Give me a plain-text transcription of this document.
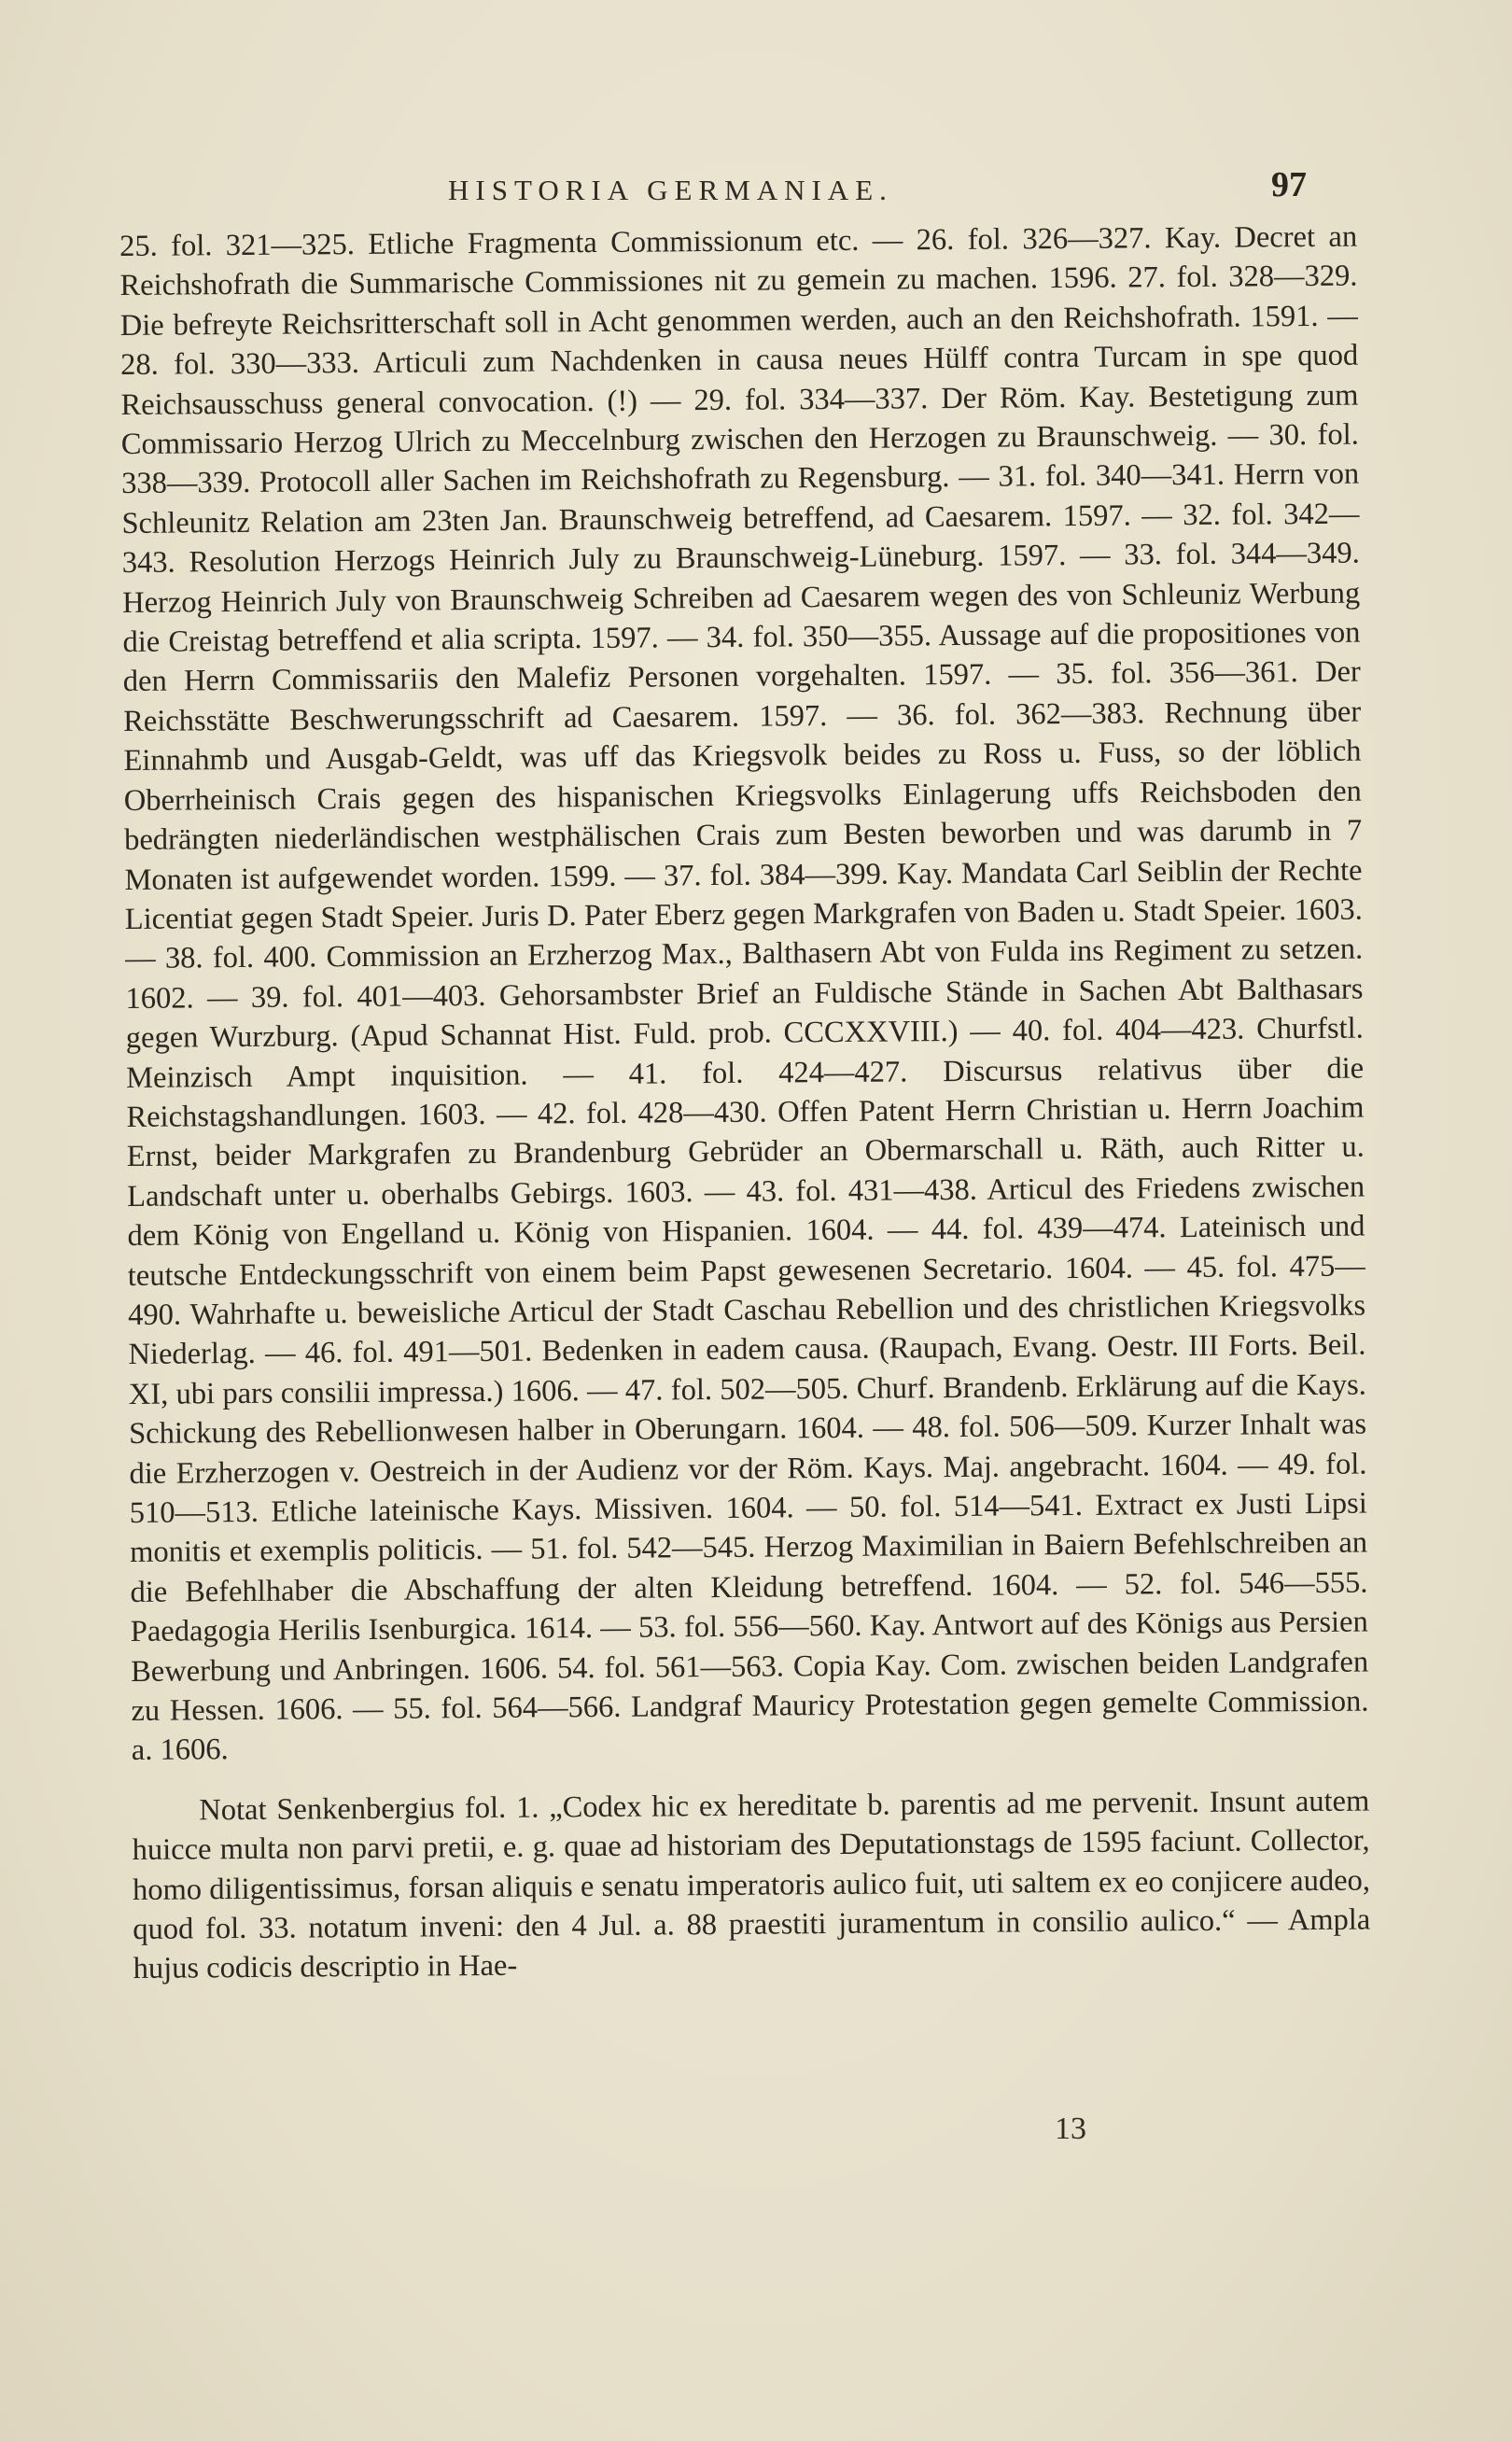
HISTORIA GERMANIAE.	97

25. fol. 321—325. Etliche Fragmenta Commissionum etc. — 26. fol. 326—327. Kay. Decret an Reichshofrath die Summarische Commissiones nit zu gemein zu machen. 1596. 27. fol. 328—329. Die befreyte Reichsritterschaft soll in Acht genommen werden, auch an den Reichshofrath. 1591. — 28. fol. 330—333. Articuli zum Nachdenken in causa neues Hülff contra Turcam in spe quod Reichsausschuss general convocation. (!) — 29. fol. 334—337. Der Röm. Kay. Bestetigung zum Commissario Herzog Ulrich zu Meccelnburg zwischen den Herzogen zu Braunschweig. — 30. fol. 338—339. Protocoll aller Sachen im Reichshofrath zu Regensburg. — 31. fol. 340—341. Herrn von Schleunitz Relation am 23ten Jan. Braunschweig betreffend, ad Caesarem. 1597. — 32. fol. 342—343. Resolution Herzogs Heinrich July zu Braunschweig-Lüneburg. 1597. — 33. fol. 344—349. Herzog Heinrich July von Braunschweig Schreiben ad Caesarem wegen des von Schleuniz Werbung die Creistag betreffend et alia scripta. 1597. — 34. fol. 350—355. Aussage auf die propositiones von den Herrn Commissariis den Malefiz Personen vorgehalten. 1597. — 35. fol. 356—361. Der Reichsstätte Beschwerungsschrift ad Caesarem. 1597. — 36. fol. 362—383. Rechnung über Einnahmb und Ausgab-Geldt, was uff das Kriegsvolk beides zu Ross u. Fuss, so der löblich Oberrheinisch Crais gegen des hispanischen Kriegsvolks Einlagerung uffs Reichsboden den bedrängten niederländischen westphälischen Crais zum Besten beworben und was darumb in 7 Monaten ist aufgewendet worden. 1599. — 37. fol. 384—399. Kay. Mandata Carl Seiblin der Rechte Licentiat gegen Stadt Speier. Juris D. Pater Eberz gegen Markgrafen von Baden u. Stadt Speier. 1603. — 38. fol. 400. Commission an Erzherzog Max., Balthasern Abt von Fulda ins Regiment zu setzen. 1602. — 39. fol. 401—403. Gehorsambster Brief an Fuldische Stände in Sachen Abt Balthasars gegen Wurzburg. (Apud Schannat Hist. Fuld. prob. CCCXXVIII.) — 40. fol. 404—423. Churfstl. Meinzisch Ampt inquisition. — 41. fol. 424—427. Discursus relativus über die Reichstagshandlungen. 1603. — 42. fol. 428—430. Offen Patent Herrn Christian u. Herrn Joachim Ernst, beider Markgrafen zu Brandenburg Gebrüder an Obermarschall u. Räth, auch Ritter u. Landschaft unter u. oberhalbs Gebirgs. 1603. — 43. fol. 431—438. Articul des Friedens zwischen dem König von Engelland u. König von Hispanien. 1604. — 44. fol. 439—474. Lateinisch und teutsche Entdeckungsschrift von einem beim Papst gewesenen Secretario. 1604. — 45. fol. 475—490. Wahrhafte u. beweisliche Articul der Stadt Caschau Rebellion und des christlichen Kriegsvolks Niederlag. — 46. fol. 491—501. Bedenken in eadem causa. (Raupach, Evang. Oestr. III Forts. Beil. XI, ubi pars consilii impressa.) 1606. — 47. fol. 502—505. Churf. Brandenb. Erklärung auf die Kays. Schickung des Rebellionwesen halber in Oberungarn. 1604. — 48. fol. 506—509. Kurzer Inhalt was die Erzherzogen v. Oestreich in der Audienz vor der Röm. Kays. Maj. angebracht. 1604. — 49. fol. 510—513. Etliche lateinische Kays. Missiven. 1604. — 50. fol. 514—541. Extract ex Justi Lipsi monitis et exemplis politicis. — 51. fol. 542—545. Herzog Maximilian in Baiern Befehlschreiben an die Befehlhaber die Abschaffung der alten Kleidung betreffend. 1604. — 52. fol. 546—555. Paedagogia Herilis Isenburgica. 1614. — 53. fol. 556—560. Kay. Antwort auf des Königs aus Persien Bewerbung und Anbringen. 1606. 54. fol. 561—563. Copia Kay. Com. zwischen beiden Landgrafen zu Hessen. 1606. — 55. fol. 564—566. Landgraf Mauricy Protestation gegen gemelte Commission. a. 1606.

Notat Senkenbergius fol. 1. „Codex hic ex hereditate b. parentis ad me pervenit. Insunt autem huicce multa non parvi pretii, e. g. quae ad historiam des Deputationstags de 1595 faciunt. Collector, homo diligentissimus, forsan aliquis e senatu imperatoris aulico fuit, uti saltem ex eo conjicere audeo, quod fol. 33. notatum inveni: den 4 Jul. a. 88 praestiti juramentum in consilio aulico.“ — Ampla hujus codicis descriptio in Hae-

13
